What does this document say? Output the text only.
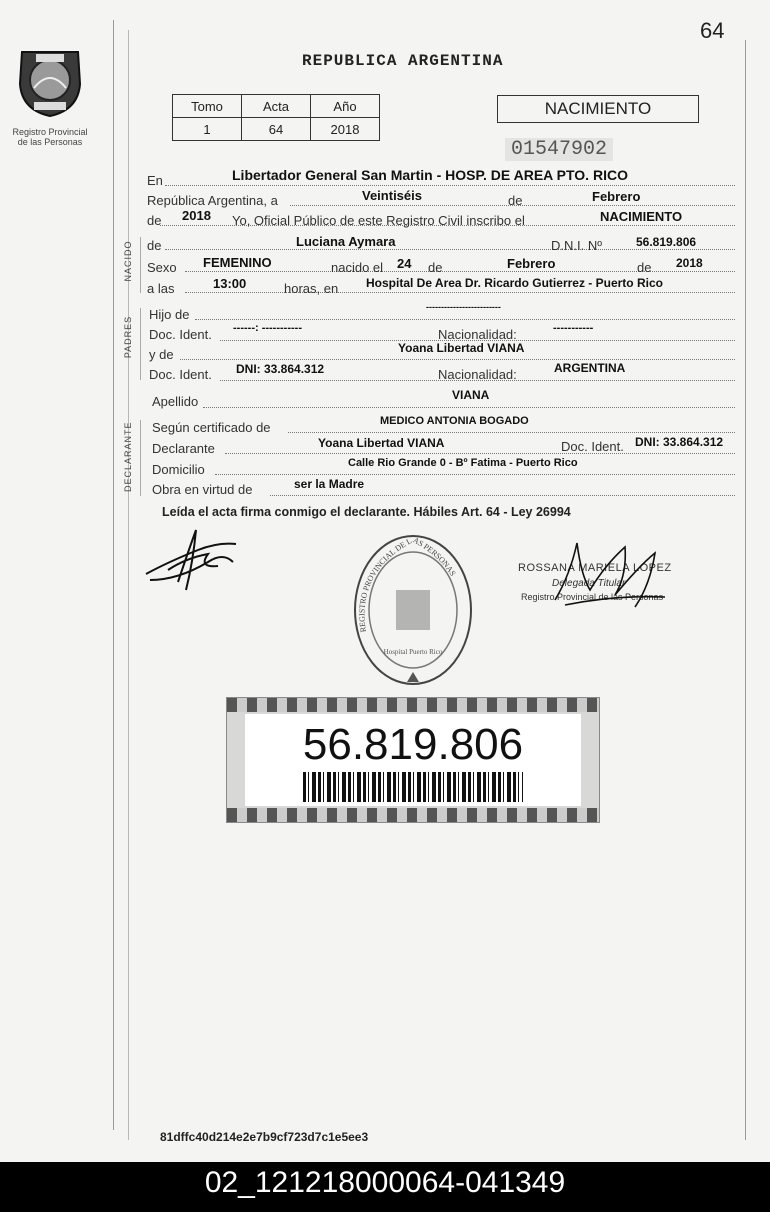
64
Registro Provincial
de las Personas
REPUBLICA ARGENTINA
Tomo	Acta	Año
1	64	2018
NACIMIENTO
01547902
NACIDO
PADRES
DECLARANTE
En	Libertador General San Martin - HOSP. DE AREA PTO. RICO
República Argentina, a	Veintiséis	de	Febrero
de 2018 Yo, Oficial Público de este Registro Civil inscribo el	NACIMIENTO
de	Luciana Aymara	D.N.I. Nº	56.819.806
Sexo FEMENINO	nacido el 24 de	Febrero	de 2018
a las	13:00	horas, en Hospital De Area Dr. Ricardo Gutierrez - Puerto Rico
Hijo de	-------------------------
Doc. Ident. ------: -----------	Nacionalidad:	-----------
y de	Yoana Libertad VIANA
Doc. Ident. DNI: 33.864.312	Nacionalidad:	ARGENTINA
Apellido	VIANA
Según certificado de	MEDICO ANTONIA BOGADO
Declarante	Yoana Libertad VIANA	Doc. Ident. DNI: 33.864.312
Domicilio	Calle Rio Grande 0 - Bº Fatima - Puerto Rico
Obra en virtud de	ser la Madre
Leída el acta firma conmigo el declarante. Hábiles Art. 64 - Ley 26994
REGISTRO PROVINCIAL DE LAS PERSONAS
Hospital Puerto Rico
ROSSANA MARIELA LOPEZ
Delegada Titular
Registro Provincial de las Personas
56.819.806
81dffc40d214e2e7b9cf723d7c1e5ee3
02_121218000064-041349
